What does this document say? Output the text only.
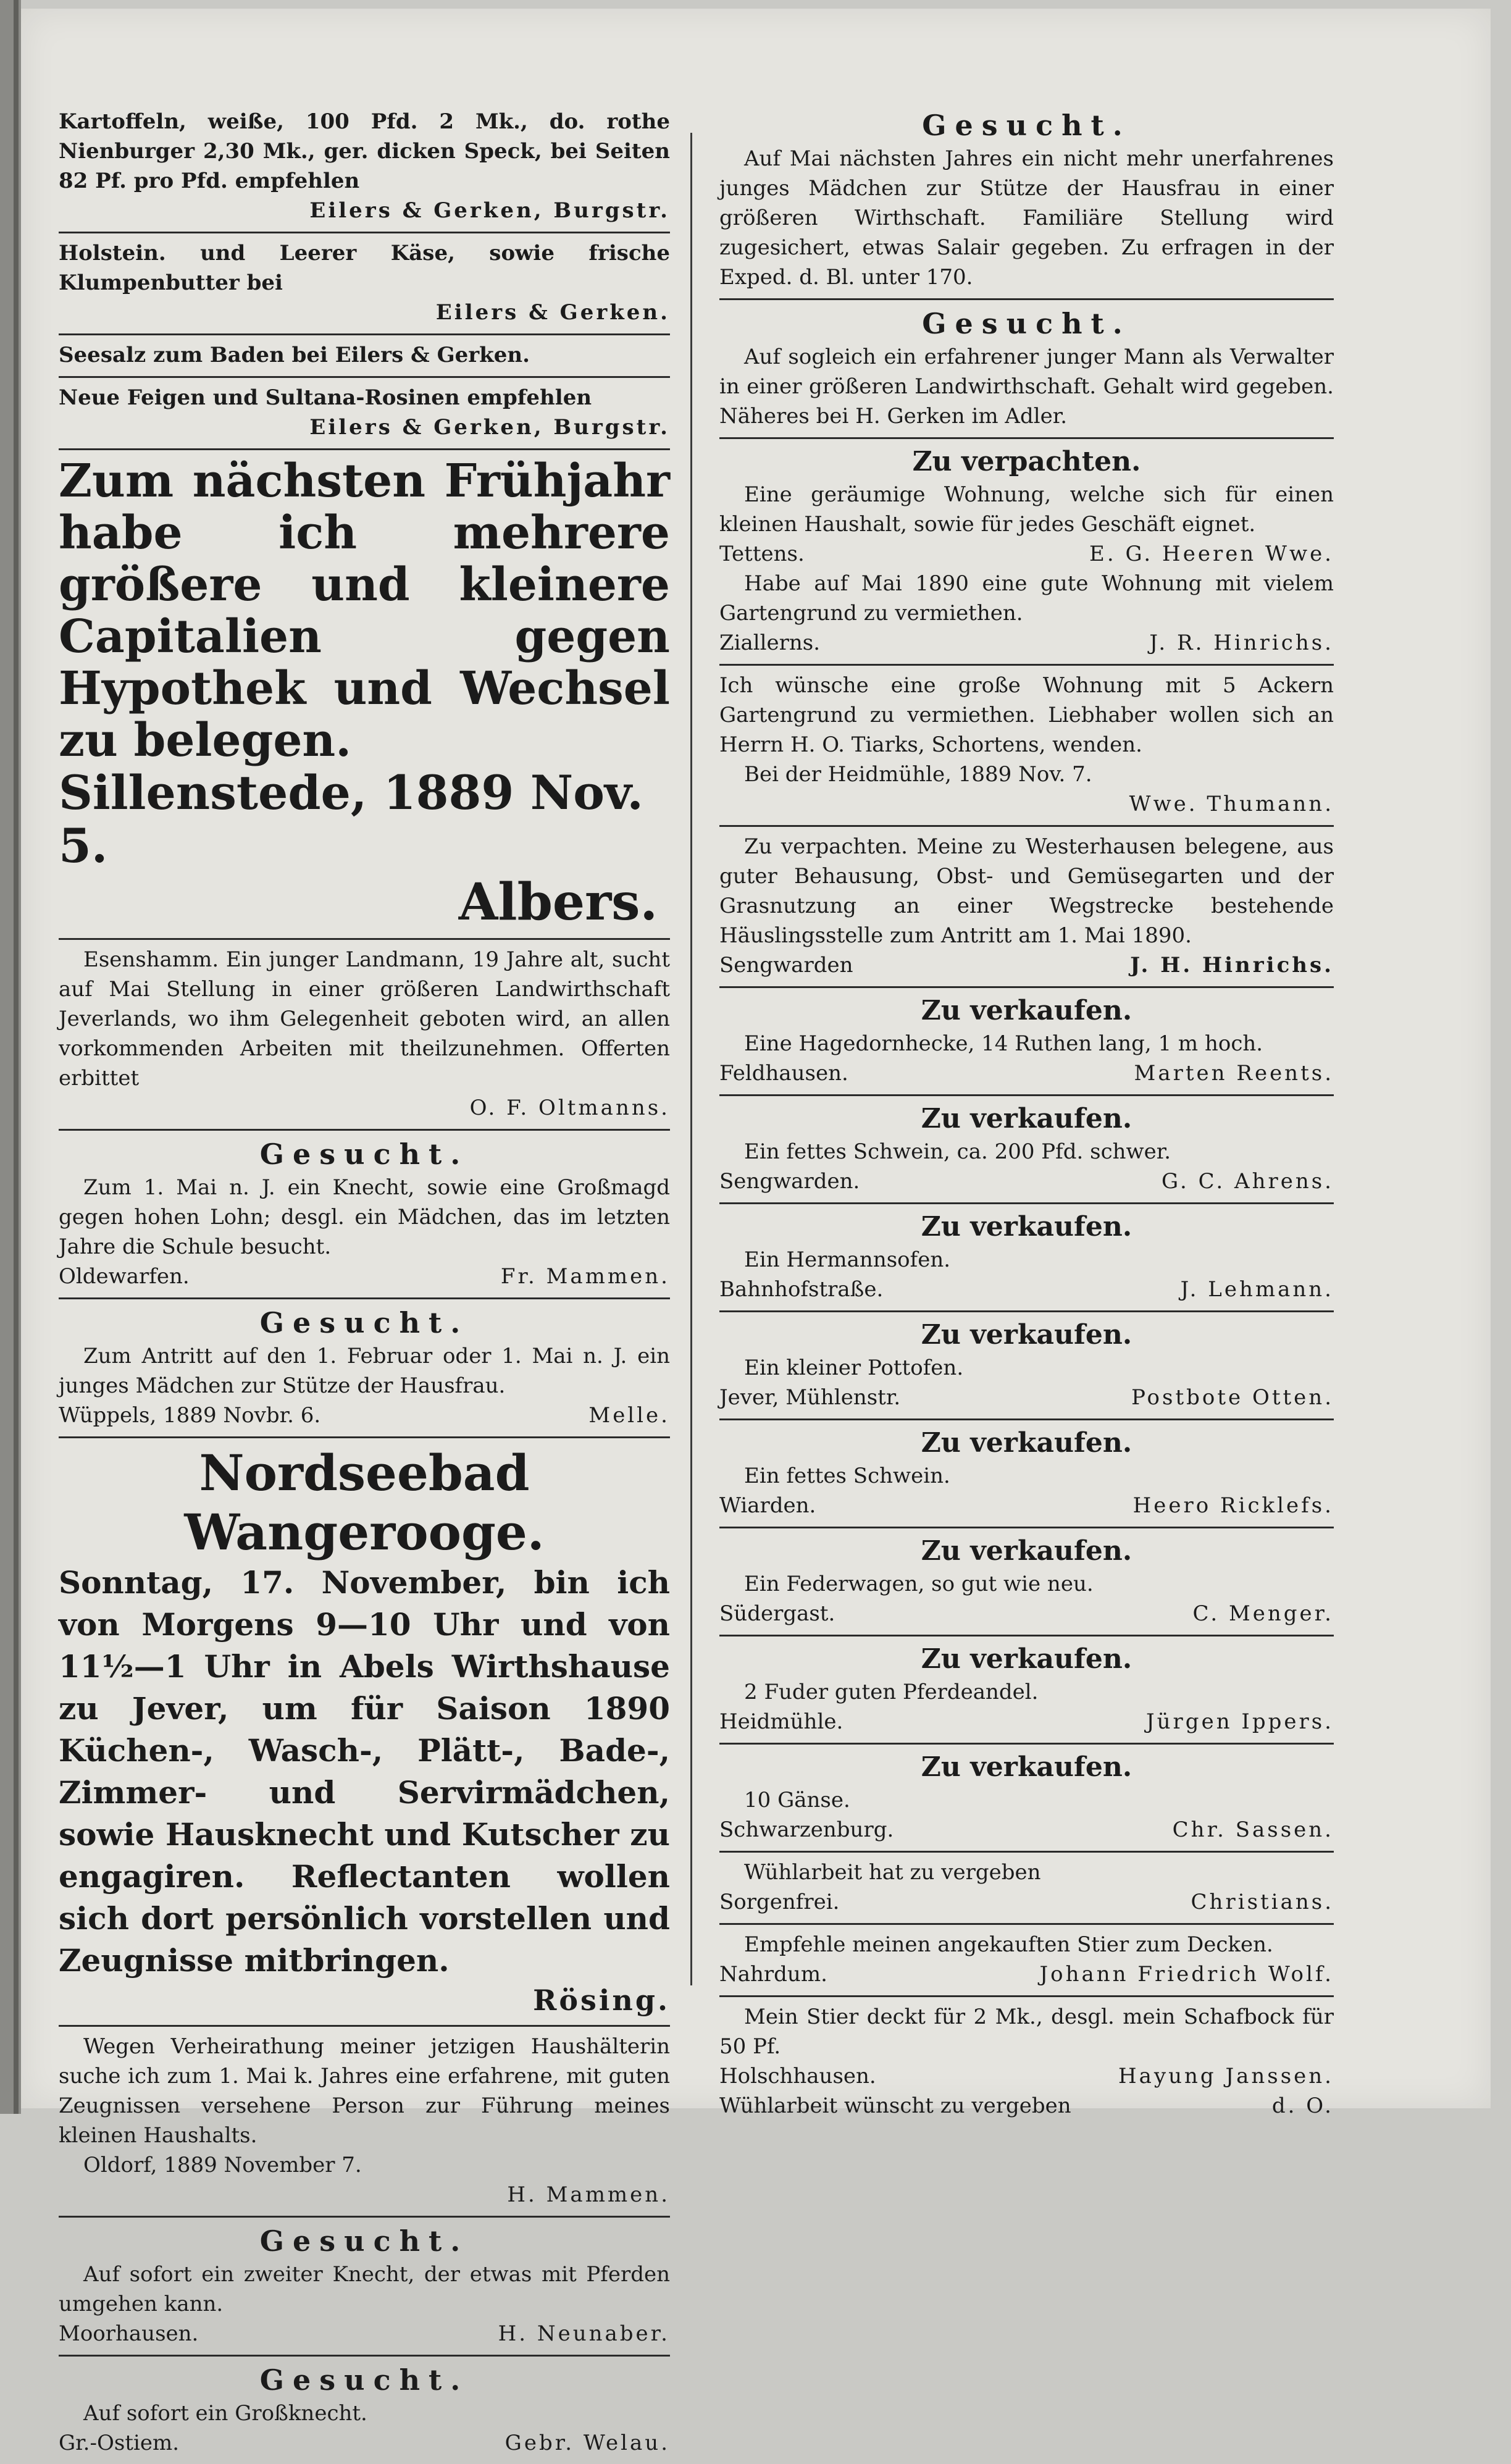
Kartoffeln, weiße, 100 Pfd. 2 Mk., do. rothe Nienburger 2,30 Mk., ger. dicken Speck, bei Seiten 82 Pf. pro Pfd. empfehlen

Eilers & Gerken, Burgstr.

Holstein. und Leerer Käse, sowie frische Klumpenbutter bei

Eilers & Gerken.

Seesalz zum Baden bei Eilers & Gerken.

Neue Feigen und Sultana-Rosinen empfehlen

Eilers & Gerken, Burgstr.

Zum nächsten Frühjahr habe ich mehrere größere und kleinere Capitalien gegen Hypothek und Wechsel zu belegen.

Sillenstede, 1889 Nov. 5.
Albers.

Esenshamm. Ein junger Landmann, 19 Jahre alt, sucht auf Mai Stellung in einer größeren Landwirthschaft Jeverlands, wo ihm Gelegenheit geboten wird, an allen vorkommenden Arbeiten mit theilzunehmen. Offerten erbittet

O. F. Oltmanns.
Gesucht.

Zum 1. Mai n. J. ein Knecht, sowie eine Großmagd gegen hohen Lohn; desgl. ein Mädchen, das im letzten Jahre die Schule besucht.

Oldewarfen.	Fr. Mammen.
Gesucht.

Zum Antritt auf den 1. Februar oder 1. Mai n. J. ein junges Mädchen zur Stütze der Hausfrau.

Wüppels, 1889 Novbr. 6.	Melle.
Nordseebad Wangerooge.

Sonntag, 17. November, bin ich von Morgens 9—10 Uhr und von 11½—1 Uhr in Abels Wirthshause zu Jever, um für Saison 1890 Küchen-, Wasch-, Plätt-, Bade-, Zimmer- und Servirmädchen, sowie Hausknecht und Kutscher zu engagiren. Reflectanten wollen sich dort persönlich vorstellen und Zeugnisse mitbringen.

Rösing.

Wegen Verheirathung meiner jetzigen Haushälterin suche ich zum 1. Mai k. Jahres eine erfahrene, mit guten Zeugnissen versehene Person zur Führung meines kleinen Haushalts.

Oldorf, 1889 November 7.
H. Mammen.
Gesucht.

Auf sofort ein zweiter Knecht, der etwas mit Pferden umgehen kann.

Moorhausen.	H. Neunaber.
Gesucht.

Auf sofort ein Großknecht.

Gr.-Ostiem.	Gebr. Welau.
Gesucht.

Auf Mai nächsten Jahres ein nicht mehr unerfahrenes junges Mädchen zur Stütze der Hausfrau in einer größeren Wirthschaft. Familiäre Stellung wird zugesichert, etwas Salair gegeben. Zu erfragen in der Exped. d. Bl. unter 170.

Gesucht.

Auf sogleich ein erfahrener junger Mann als Verwalter in einer größeren Landwirthschaft. Gehalt wird gegeben. Näheres bei H. Gerken im Adler.

Zu verpachten.

Eine geräumige Wohnung, welche sich für einen kleinen Haushalt, sowie für jedes Geschäft eignet.

Tettens.	E. G. Heeren Wwe.

Habe auf Mai 1890 eine gute Wohnung mit vielem Gartengrund zu vermiethen.

Ziallerns.	J. R. Hinrichs.

Ich wünsche eine große Wohnung mit 5 Ackern Gartengrund zu vermiethen. Liebhaber wollen sich an Herrn H. O. Tiarks, Schortens, wenden.

Bei der Heidmühle, 1889 Nov. 7.
Wwe. Thumann.

Zu verpachten. Meine zu Westerhausen belegene, aus guter Behausung, Obst- und Gemüsegarten und der Grasnutzung an einer Wegstrecke bestehende Häuslingsstelle zum Antritt am 1. Mai 1890.

Sengwarden	J. H. Hinrichs.
Zu verkaufen.

Eine Hagedornhecke, 14 Ruthen lang, 1 m hoch.

Feldhausen.	Marten Reents.
Zu verkaufen.

Ein fettes Schwein, ca. 200 Pfd. schwer.

Sengwarden.	G. C. Ahrens.
Zu verkaufen.

Ein Hermannsofen.

Bahnhofstraße.	J. Lehmann.
Zu verkaufen.

Ein kleiner Pottofen.

Jever, Mühlenstr.	Postbote Otten.
Zu verkaufen.

Ein fettes Schwein.

Wiarden.	Heero Ricklefs.
Zu verkaufen.

Ein Federwagen, so gut wie neu.

Südergast.	C. Menger.
Zu verkaufen.

2 Fuder guten Pferdeandel.

Heidmühle.	Jürgen Ippers.
Zu verkaufen.

10 Gänse.

Schwarzenburg.	Chr. Sassen.

Wühlarbeit hat zu vergeben

Sorgenfrei.	Christians.

Empfehle meinen angekauften Stier zum Decken.

Nahrdum.	Johann Friedrich Wolf.

Mein Stier deckt für 2 Mk., desgl. mein Schafbock für 50 Pf.

Holschhausen.	Hayung Janssen.
Wühlarbeit wünscht zu vergeben	d. O.
